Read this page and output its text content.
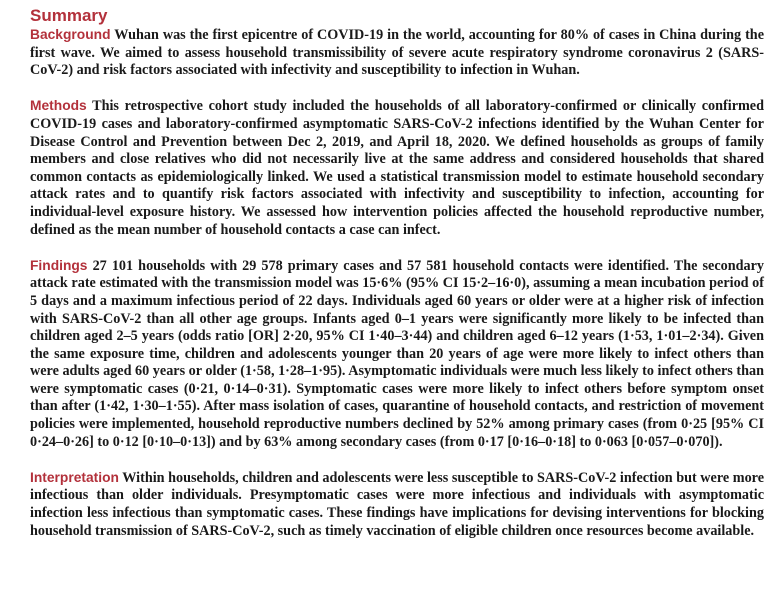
Summary

Background Wuhan was the first epicentre of COVID-19 in the world, accounting for 80% of cases in China during the first wave. We aimed to assess household transmissibility of severe acute respiratory syndrome coronavirus 2 (SARS-CoV-2) and risk factors associated with infectivity and susceptibility to infection in Wuhan.

Methods This retrospective cohort study included the households of all laboratory-confirmed or clinically confirmed COVID-19 cases and laboratory-confirmed asymptomatic SARS-CoV-2 infections identified by the Wuhan Center for Disease Control and Prevention between Dec 2, 2019, and April 18, 2020. We defined households as groups of family members and close relatives who did not necessarily live at the same address and considered households that shared common contacts as epidemiologically linked. We used a statistical transmission model to estimate household secondary attack rates and to quantify risk factors associated with infectivity and susceptibility to infection, accounting for individual-level exposure history. We assessed how intervention policies affected the household reproductive number, defined as the mean number of household contacts a case can infect.

Findings 27 101 households with 29 578 primary cases and 57 581 household contacts were identified. The secondary attack rate estimated with the transmission model was 15·6% (95% CI 15·2–16·0), assuming a mean incubation period of 5 days and a maximum infectious period of 22 days. Individuals aged 60 years or older were at a higher risk of infection with SARS-CoV-2 than all other age groups. Infants aged 0–1 years were significantly more likely to be infected than children aged 2–5 years (odds ratio [OR] 2·20, 95% CI 1·40–3·44) and children aged 6–12 years (1·53, 1·01–2·34). Given the same exposure time, children and adolescents younger than 20 years of age were more likely to infect others than were adults aged 60 years or older (1·58, 1·28–1·95). Asymptomatic individuals were much less likely to infect others than were symptomatic cases (0·21, 0·14–0·31). Symptomatic cases were more likely to infect others before symptom onset than after (1·42, 1·30–1·55). After mass isolation of cases, quarantine of household contacts, and restriction of movement policies were implemented, household reproductive numbers declined by 52% among primary cases (from 0·25 [95% CI 0·24–0·26] to 0·12 [0·10–0·13]) and by 63% among secondary cases (from 0·17 [0·16–0·18] to 0·063 [0·057–0·070]).

Interpretation Within households, children and adolescents were less susceptible to SARS-CoV-2 infection but were more infectious than older individuals. Presymptomatic cases were more infectious and individuals with asymptomatic infection less infectious than symptomatic cases. These findings have implications for devising interventions for blocking household transmission of SARS-CoV-2, such as timely vaccination of eligible children once resources become available.
